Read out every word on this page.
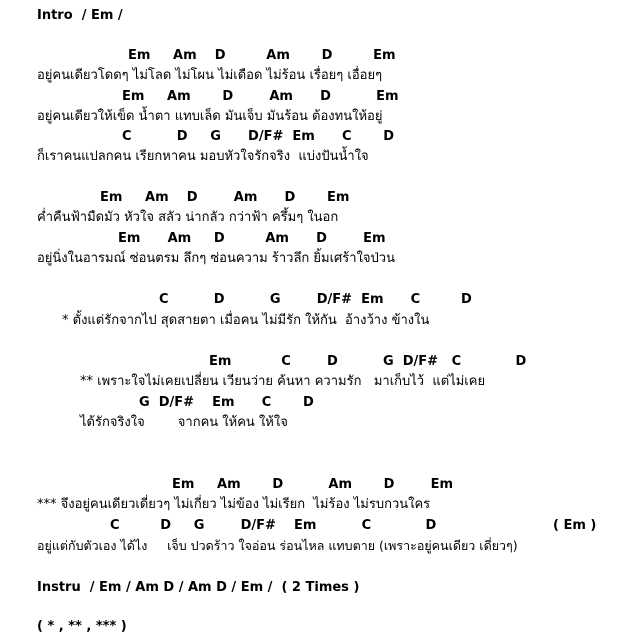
Intro  / Em /
Em     Am    D         Am       D         Em
อยู่คนเดียวโดดๆ ไม่โลด ไม่โผน ไม่เดือด ไม่ร้อน เรื่อยๆ เอื่อยๆ
Em     Am       D        Am      D          Em
อยู่คนเดียวให้เข็ด น้ำตา แทบเล็ด มันเจ็บ มันร้อน ต้องทนให้อยู่
C          D     G      D/F#  Em      C       D
ก็เราคนแปลกคน เรียกหาคน มอบหัวใจรักจริง  แบ่งปันน้ำใจ
Em     Am    D        Am      D       Em
ค่ำคืนฟ้ามืดมัว หัวใจ สลัว น่ากลัว กว่าฟ้า ครึ้มๆ ในอก
Em      Am     D         Am      D        Em
อยู่นิ่งในอารมณ์ ซ่อนตรม ลึกๆ ซ่อนความ ร้าวลึก ยิ้มเศร้าใจป่วน
C          D          G        D/F#  Em      C         D
* ตั้งแต่รักจากไป สุดสายตา เมื่อคน ไม่มีรัก ให้กัน  อ้างว้าง ข้างใน
Em           C        D          G  D/F#   C            D
** เพราะใจไม่เคยเปลี่ยน เวียนว่าย ค้นหา ความรัก   มาเก็บไว้  แต่ไม่เคย
G  D/F#    Em      C       D
ได้รักจริงใจ        จากคน ให้คน ให้ใจ
Em     Am       D          Am       D        Em
*** จึงอยู่คนเดียวเดี่ยวๆ ไม่เกี่ยว ไม่ข้อง ไม่เรียก  ไม่ร้อง ไม่รบกวนใคร
C         D     G        D/F#    Em          C            D	( Em )
อยู่แต่กับตัวเอง ได้ไง     เจ็บ ปวดร้าว ใจอ่อน ร่อนไหล แทบตาย (เพราะอยู่คนเดียว เดี่ยวๆ)
Instru  / Em / Am D / Am D / Em /  ( 2 Times )
( * , ** , *** )
